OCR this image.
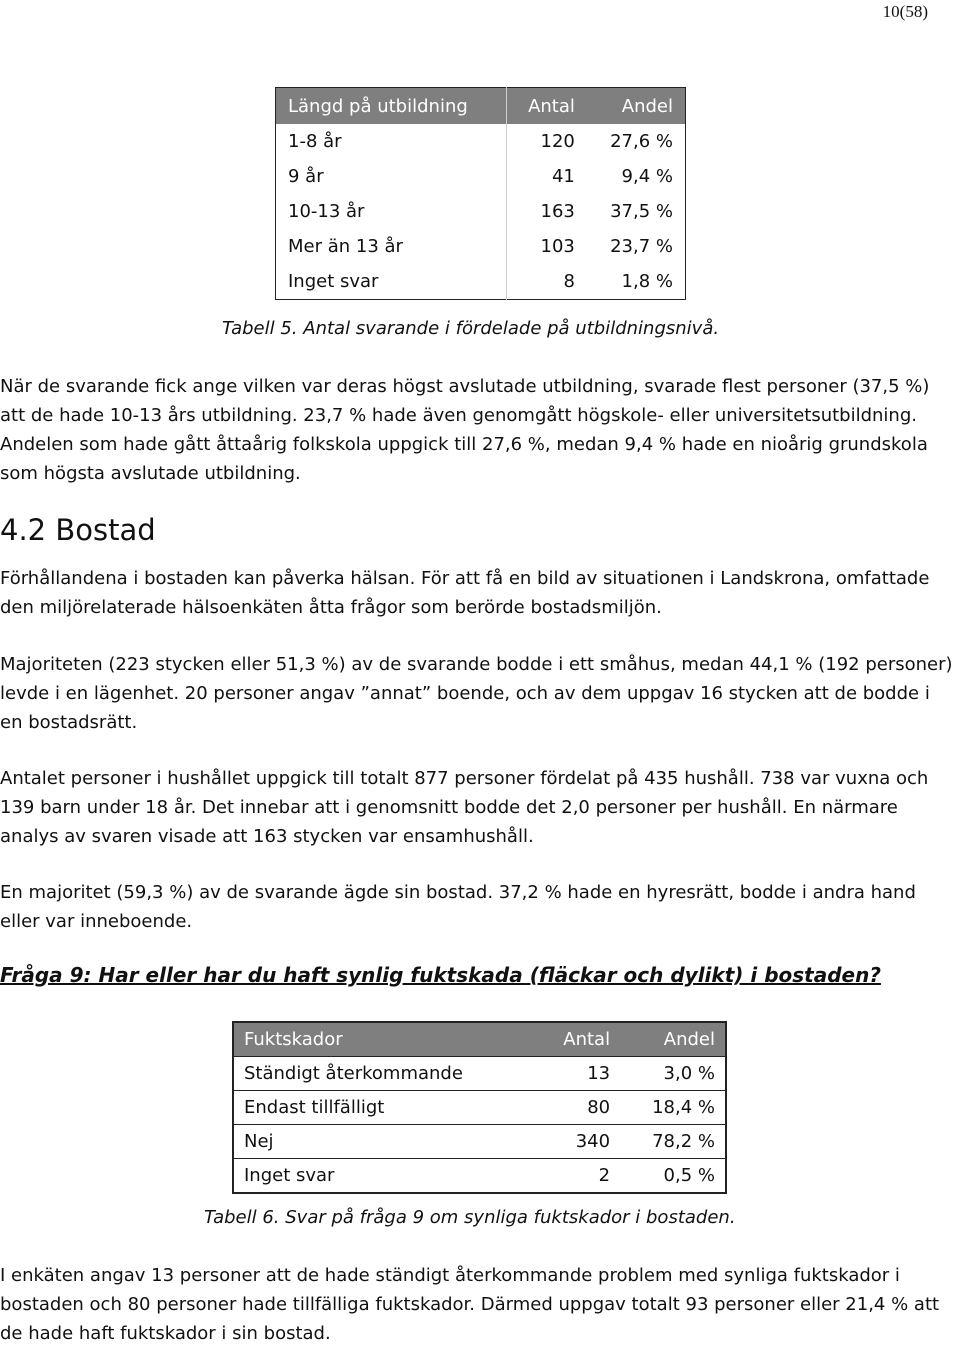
10(58)
Längd på utbildning	Antal	Andel
1-8 år	120	27,6 %
9 år	41	9,4 %
10-13 år	163	37,5 %
Mer än 13 år	103	23,7 %
Inget svar	8	1,8 %
Tabell 5. Antal svarande i fördelade på utbildningsnivå.

När de svarande fick ange vilken var deras högst avslutade utbildning, svarade flest personer (37,5 %) att de hade 10-13 års utbildning. 23,7 % hade även genomgått högskole- eller universitetsutbildning. Andelen som hade gått åttaårig folkskola uppgick till 27,6 %, medan 9,4 % hade en nioårig grundskola som högsta avslutade utbildning.

4.2 Bostad

Förhållandena i bostaden kan påverka hälsan. För att få en bild av situationen i Landskrona, omfattade den miljörelaterade hälsoenkäten åtta frågor som berörde bostadsmiljön.

Majoriteten (223 stycken eller 51,3 %) av de svarande bodde i ett småhus, medan 44,1 % (192 personer) levde i en lägenhet. 20 personer angav ”annat” boende, och av dem uppgav 16 stycken att de bodde i en bostadsrätt.

Antalet personer i hushållet uppgick till totalt 877 personer fördelat på 435 hushåll. 738 var vuxna och 139 barn under 18 år. Det innebar att i genomsnitt bodde det 2,0 personer per hushåll. En närmare analys av svaren visade att 163 stycken var ensamhushåll.

En majoritet (59,3 %) av de svarande ägde sin bostad. 37,2 % hade en hyresrätt, bodde i andra hand eller var inneboende.

Fråga 9: Har eller har du haft synlig fuktskada (fläckar och dylikt) i bostaden?
Fuktskador	Antal	Andel
Ständigt återkommande	13	3,0 %
Endast tillfälligt	80	18,4 %
Nej	340	78,2 %
Inget svar	2	0,5 %
Tabell 6. Svar på fråga 9 om synliga fuktskador i bostaden.

I enkäten angav 13 personer att de hade ständigt återkommande problem med synliga fuktskador i bostaden och 80 personer hade tillfälliga fuktskador. Därmed uppgav totalt 93 personer eller 21,4 % att de hade haft fuktskador i sin bostad.
